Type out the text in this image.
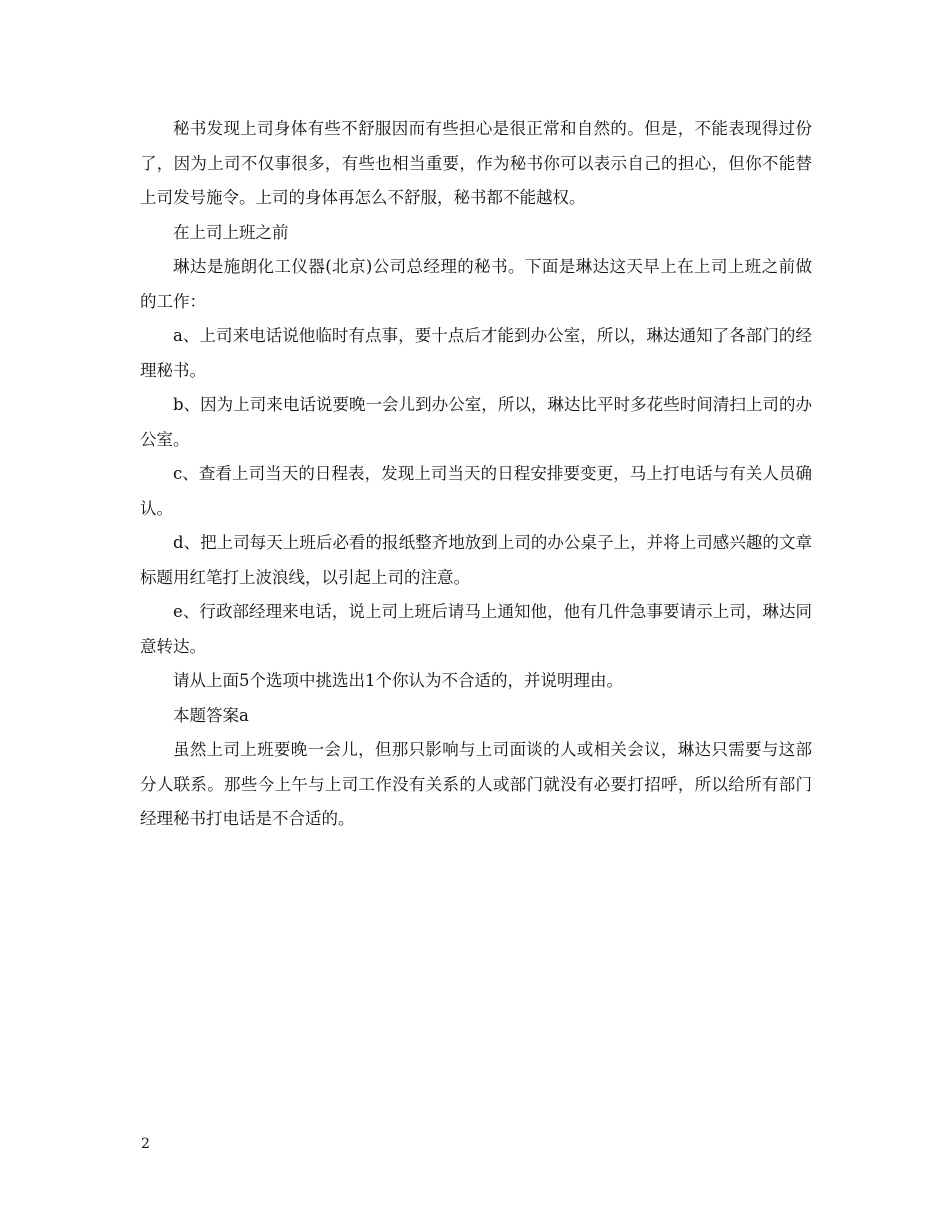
秘书发现上司身体有些不舒服因而有些担心是很正常和自然的。但是，不能表现得过份了，因为上司不仅事很多，有些也相当重要，作为秘书你可以表示自己的担心，但你不能替上司发号施令。上司的身体再怎么不舒服，秘书都不能越权。

在上司上班之前

琳达是施朗化工仪器(北京)公司总经理的秘书。下面是琳达这天早上在上司上班之前做的工作：

a、上司来电话说他临时有点事，要十点后才能到办公室，所以，琳达通知了各部门的经理秘书。

b、因为上司来电话说要晚一会儿到办公室，所以，琳达比平时多花些时间清扫上司的办公室。

c、查看上司当天的日程表，发现上司当天的日程安排要变更，马上打电话与有关人员确认。

d、把上司每天上班后必看的报纸整齐地放到上司的办公桌子上，并将上司感兴趣的文章标题用红笔打上波浪线，以引起上司的注意。

e、行政部经理来电话，说上司上班后请马上通知他，他有几件急事要请示上司，琳达同意转达。

请从上面5个选项中挑选出1个你认为不合适的，并说明理由。

本题答案a

虽然上司上班要晚一会儿，但那只影响与上司面谈的人或相关会议，琳达只需要与这部分人联系。那些今上午与上司工作没有关系的人或部门就没有必要打招呼，所以给所有部门经理秘书打电话是不合适的。

2
